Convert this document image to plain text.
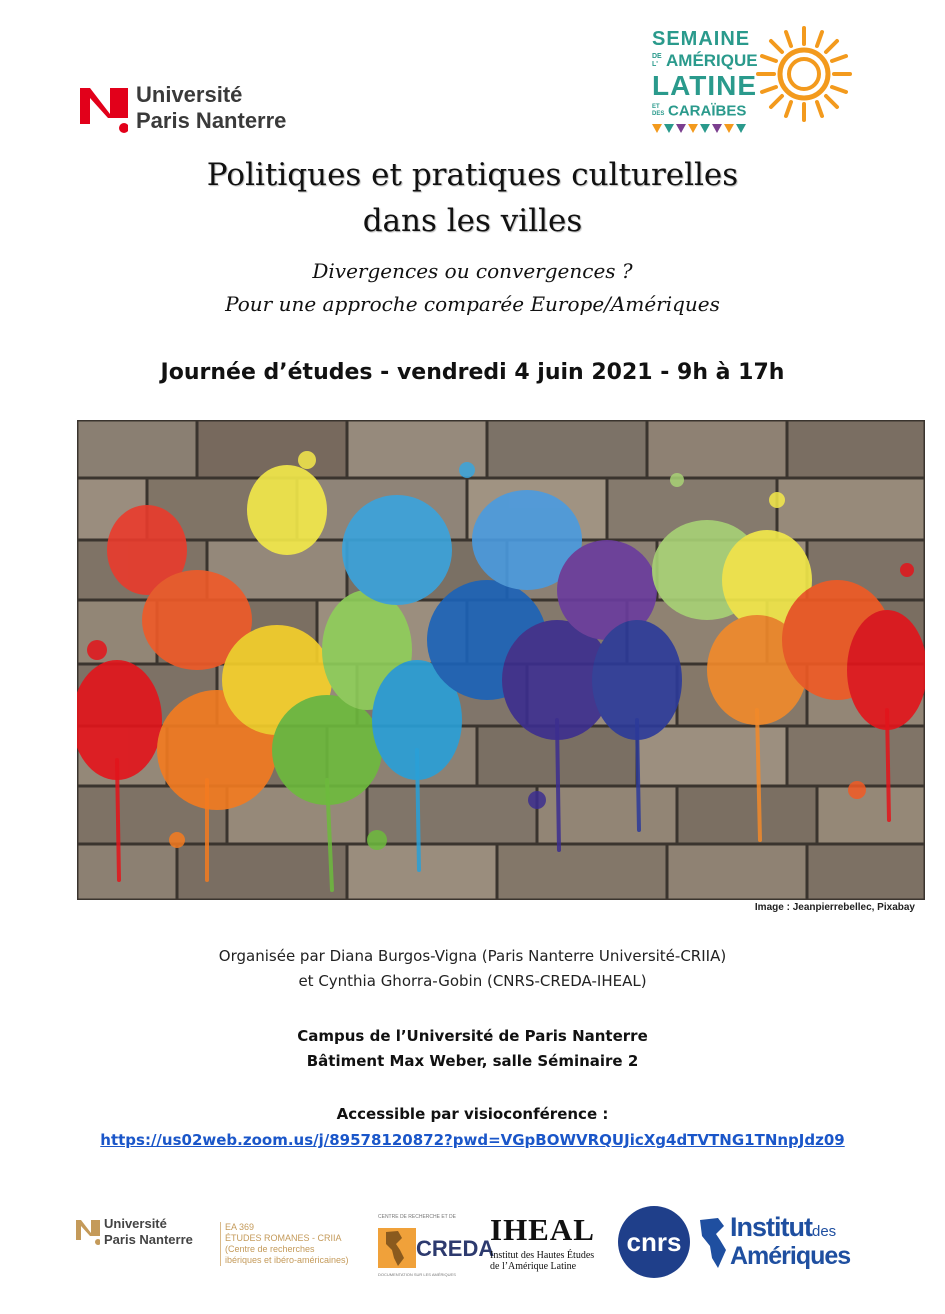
Université
Paris Nanterre
SEMAINE
DE L' AMÉRIQUE
LATINE
ET DES CARAÏBES
Politiques et pratiques culturelles
dans les villes
Divergences ou convergences ?
Pour une approche comparée Europe/Amériques
Journée d’études - vendredi 4 juin 2021 - 9h à 17h
Image : Jeanpierrebellec, Pixabay
Organisée par Diana Burgos-Vigna (Paris Nanterre Université-CRIIA)
et Cynthia Ghorra-Gobin (CNRS-CREDA-IHEAL)
Campus de l’Université de Paris Nanterre
Bâtiment Max Weber, salle Séminaire 2
Accessible par visioconférence :
https://us02web.zoom.us/j/89578120872?pwd=VGpBOWVRQUJicXg4dTVTNG1TNnpJdz09
Université
Paris Nanterre
EA 369
ÉTUDES ROMANES - CRIIA
(Centre de recherches
ibériques et ibéro-américaines)
CENTRE DE RECHERCHE ET DE
CREDA
DOCUMENTATION SUR LES AMÉRIQUES
IHEAL
Institut des Hautes Études
de l’Amérique Latine
cnrs Institutdes
Amériques
